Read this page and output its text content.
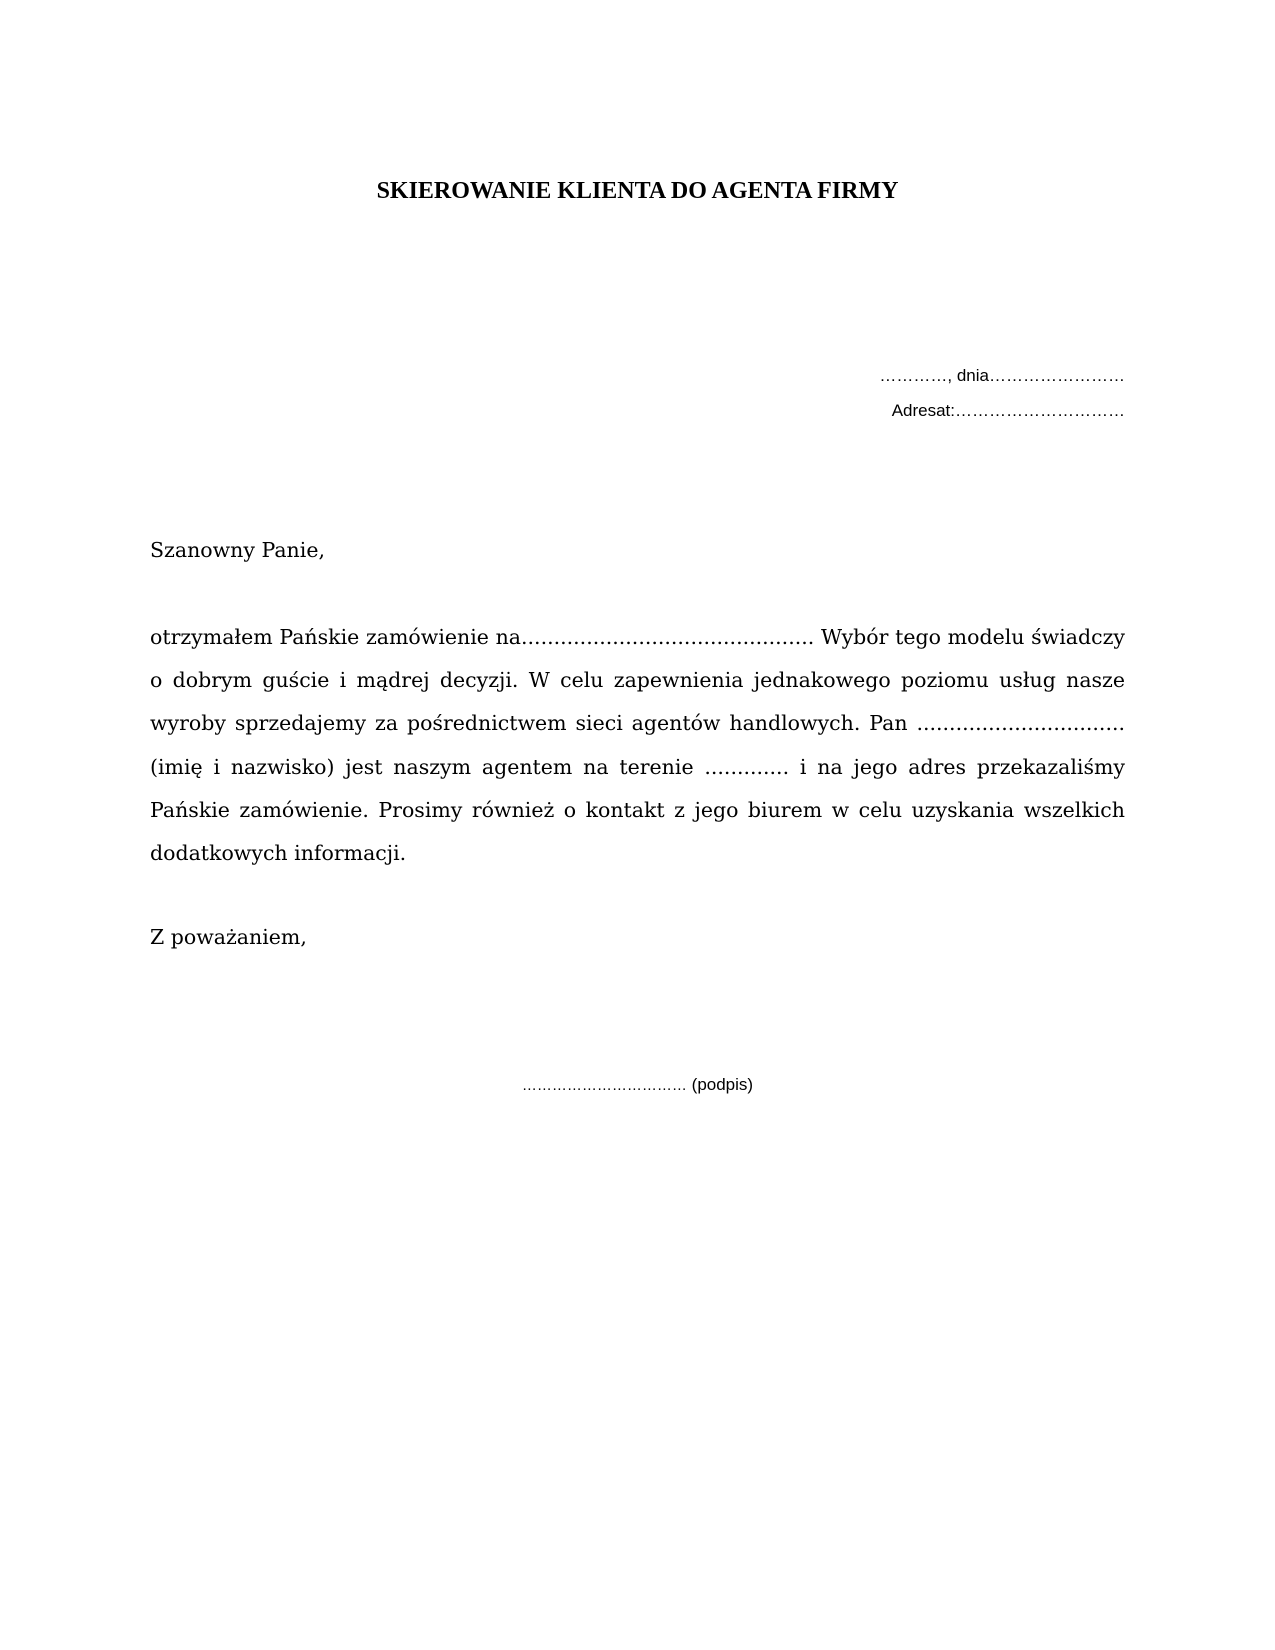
SKIEROWANIE KLIENTA DO AGENTA FIRMY
…………, dnia……………………
Adresat:…………………………
Szanowny Panie,
otrzymałem Pańskie zamówienie na............................................. Wybór tego modelu świadczy o dobrym guście i mądrej decyzji. W celu zapewnienia jednakowego poziomu usług nasze wyroby sprzedajemy za pośrednictwem sieci agentów handlowych. Pan ................................ (imię i nazwisko) jest naszym agentem na terenie ............. i na jego adres przekazaliśmy Pańskie zamówienie. Prosimy również o kontakt z jego biurem w celu uzyskania wszelkich dodatkowych informacji.
Z poważaniem,
…………………………… (podpis)
